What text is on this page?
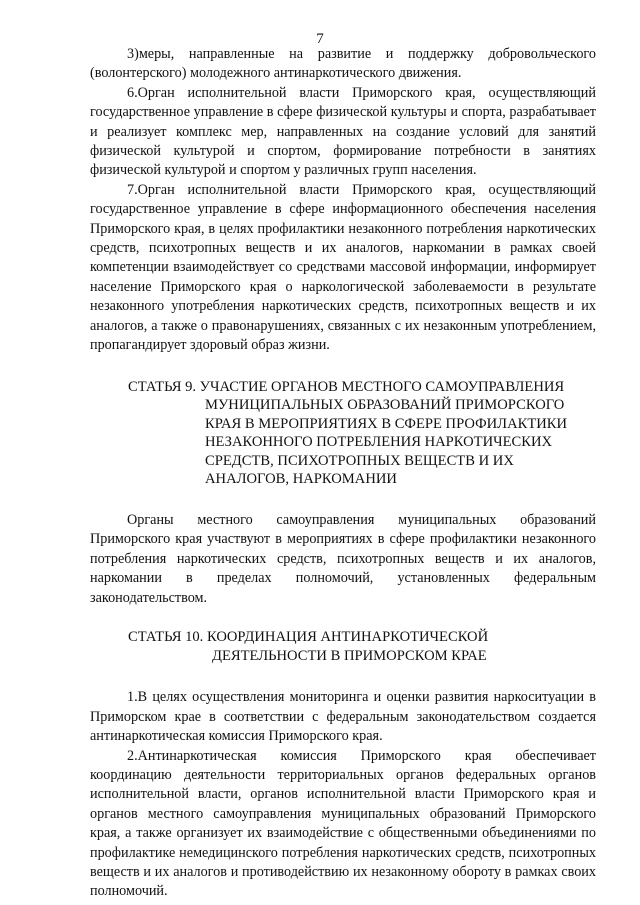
7

3)меры, направленные на развитие и поддержку добровольческого (волонтерского) молодежного антинаркотического движения.

6.Орган исполнительной власти Приморского края, осуществляющий государственное управление в сфере физической культуры и спорта, разрабатывает и реализует комплекс мер, направленных на создание условий для занятий физической культурой и спортом, формирование потребности в занятиях физической культурой и спортом у различных групп населения.

7.Орган исполнительной власти Приморского края, осуществляющий государственное управление в сфере информационного обеспечения населения Приморского края, в целях профилактики незаконного потребления наркотических средств, психотропных веществ и их аналогов, наркомании в рамках своей компетенции взаимодействует со средствами массовой информации, информирует население Приморского края о наркологической заболеваемости в результате незаконного употребления наркотических средств, психотропных веществ и их аналогов, а также о правонарушениях, связанных с их незаконным употреблением, пропагандирует здоровый образ жизни.

СТАТЬЯ 9. УЧАСТИЕ ОРГАНОВ МЕСТНОГО САМОУПРАВЛЕНИЯ
МУНИЦИПАЛЬНЫХ ОБРАЗОВАНИЙ ПРИМОРСКОГО
КРАЯ В МЕРОПРИЯТИЯХ В СФЕРЕ ПРОФИЛАКТИКИ
НЕЗАКОННОГО ПОТРЕБЛЕНИЯ НАРКОТИЧЕСКИХ
СРЕДСТВ, ПСИХОТРОПНЫХ ВЕЩЕСТВ И ИХ
АНАЛОГОВ, НАРКОМАНИИ

Органы местного самоуправления муниципальных образований Приморского края участвуют в мероприятиях в сфере профилактики незаконного потребления наркотических средств, психотропных веществ и их аналогов, наркомании в пределах полномочий, установленных федеральным законодательством.

СТАТЬЯ 10. КООРДИНАЦИЯ АНТИНАРКОТИЧЕСКОЙ
ДЕЯТЕЛЬНОСТИ В ПРИМОРСКОМ КРАЕ

1.В целях осуществления мониторинга и оценки развития наркоситуации в Приморском крае в соответствии с федеральным законодательством создается антинаркотическая комиссия Приморского края.

2.Антинаркотическая комиссия Приморского края обеспечивает координацию деятельности территориальных органов федеральных органов исполнительной власти, органов исполнительной власти Приморского края и органов местного самоуправления муниципальных образований Приморского края, а также организует их взаимодействие с общественными объединениями по профилактике немедицинского потребления наркотических средств, психотропных веществ и их аналогов и противодействию их незаконному обороту в рамках своих полномочий.
